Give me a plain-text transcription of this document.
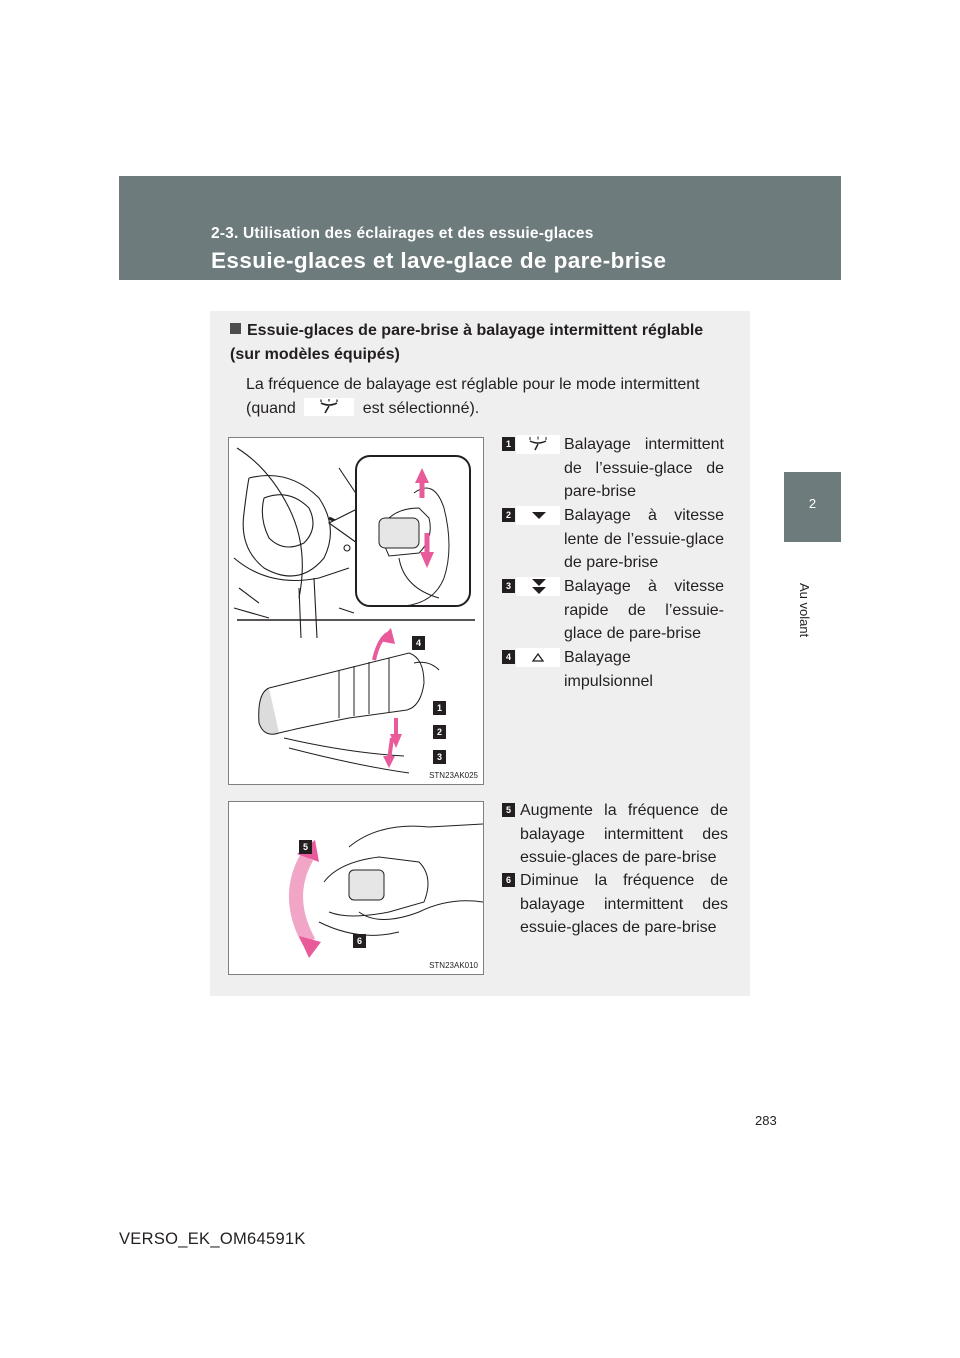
2-3. Utilisation des éclairages et des essuie-glaces
Essuie-glaces et lave-glace de pare-brise
2
Au volant
Essuie-glaces de pare-brise à balayage intermittent réglable (sur modèles équipés)
La fréquence de balayage est réglable pour le mode intermittent
(quand	est sélectionné).
4
1
2
3
STN23AK025
5
6
STN23AK010
1	Balayage intermittent de l’essuie-glace de pare-brise
2	Balayage à vitesse lente de l’essuie-glace de pare-brise
3	Balayage à vitesse rapide de l’essuie-glace de pare-brise
4	Balayage impulsionnel
5 Augmente la fréquence de balayage intermittent des essuie-glaces de pare-brise
6 Diminue la fréquence de balayage intermittent des essuie-glaces de pare-brise
283
VERSO_EK_OM64591K
